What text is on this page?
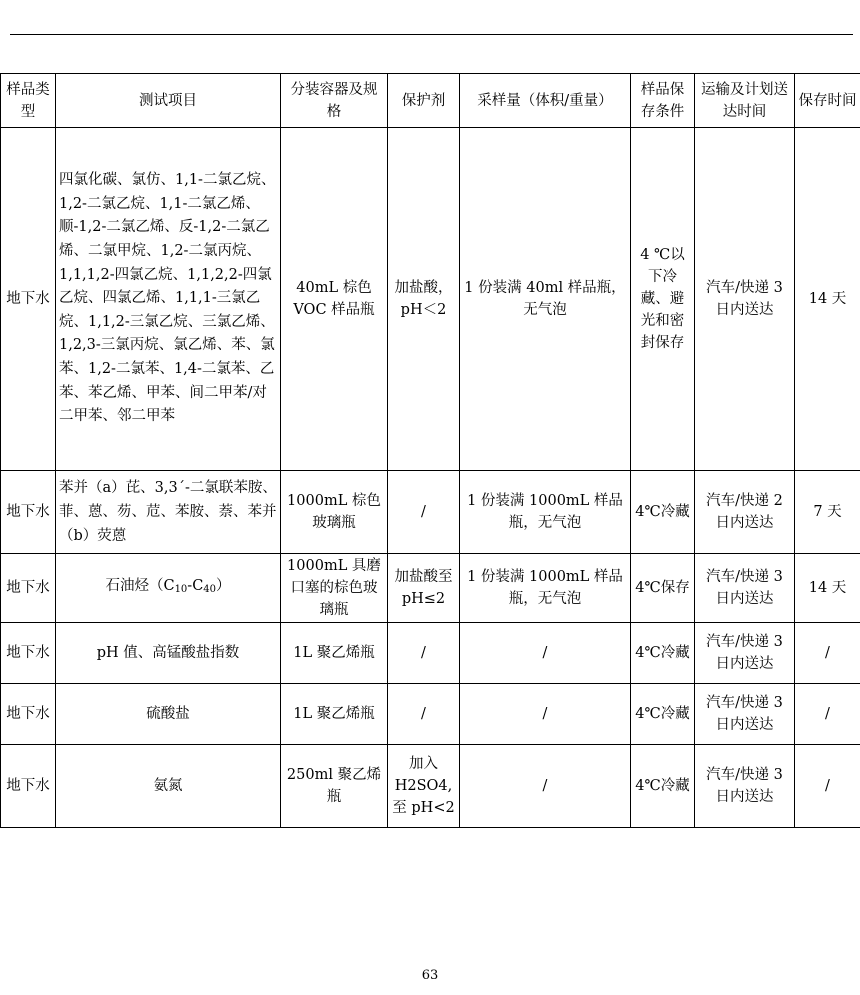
样品类型	测试项目	分装容器及规格	保护剂	采样量（体积/重量）	样品保存条件	运输及计划送达时间	保存时间
地下水	四氯化碳、氯仿、1,1-二氯乙烷、1,2-二氯乙烷、1,1-二氯乙烯、顺-1,2-二氯乙烯、反-1,2-二氯乙烯、二氯甲烷、1,2-二氯丙烷、1,1,1,2-四氯乙烷、1,1,2,2-四氯乙烷、四氯乙烯、1,1,1-三氯乙烷、1,1,2-三氯乙烷、三氯乙烯、1,2,3-三氯丙烷、氯乙烯、苯、氯苯、1,2-二氯苯、1,4-二氯苯、乙苯、苯乙烯、甲苯、间二甲苯/对二甲苯、邻二甲苯	40mL 棕色 VOC 样品瓶	加盐酸，pH＜2	1 份装满 40ml 样品瓶，无气泡	4 ℃以下冷藏、避光和密封保存	汽车/快递 3 日内送达	14 天
地下水	苯并（a）芘、3,3ˊ-二氯联苯胺、菲、蒽、芴、苊、苯胺、萘、苯并（b）荧蒽	1000mL 棕色玻璃瓶	/	1 份装满 1000mL 样品瓶，无气泡	4℃冷藏	汽车/快递 2 日内送达	7 天
地下水	石油烃$(C_{10}-C_{40})$	1000mL 具磨口塞的棕色玻璃瓶	加盐酸至 pH≤2	1 份装满 1000mL 样品瓶，无气泡	4℃保存	汽车/快递 3 日内送达	14 天
地下水	pH 值、高锰酸盐指数	1L 聚乙烯瓶	/	/	4℃冷藏	汽车/快递 3 日内送达	/
地下水	硫酸盐	1L 聚乙烯瓶	/	/	4℃冷藏	汽车/快递 3 日内送达	/
地下水	氨氮	250ml 聚乙烯瓶	加入 H2SO4,至 pH<2	/	4℃冷藏	汽车/快递 3 日内送达	/
63
